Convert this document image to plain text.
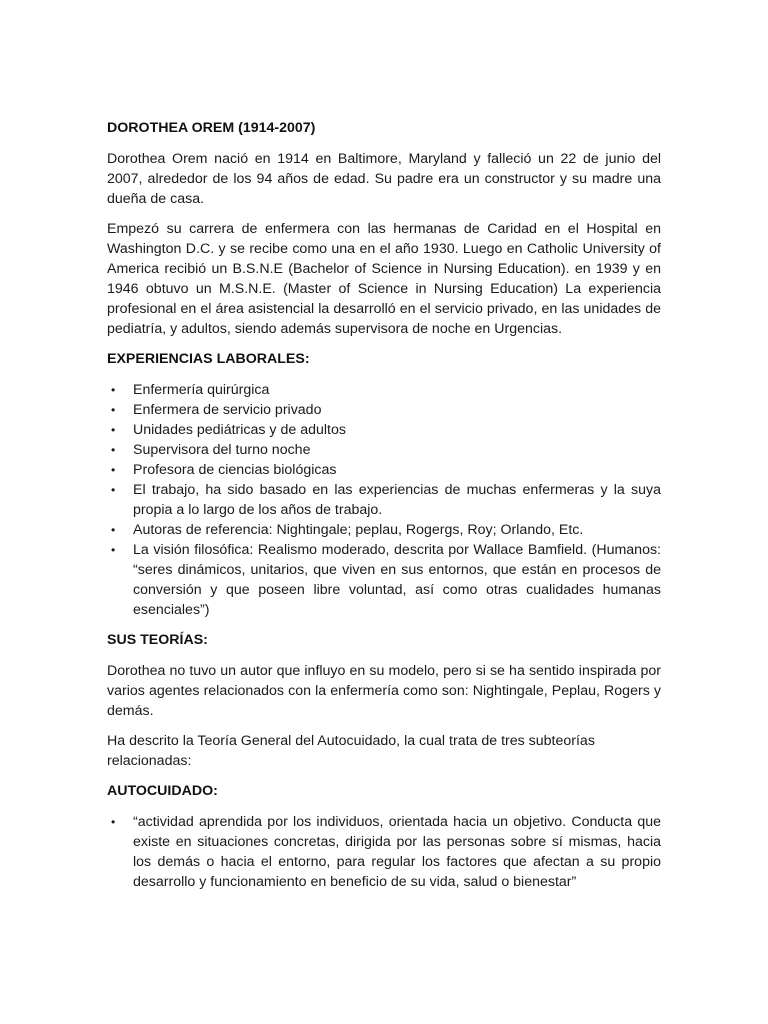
DOROTHEA OREM (1914-2007)

Dorothea Orem nació en 1914 en Baltimore, Maryland y falleció un 22 de junio del 2007, alrededor de los 94 años de edad. Su padre era un constructor y su madre una dueña de casa.

Empezó su carrera de enfermera con las hermanas de Caridad en el Hospital en Washington D.C. y se recibe como una en el año 1930. Luego en Catholic University of America recibió un B.S.N.E (Bachelor of Science in Nursing Education). en 1939 y en 1946 obtuvo un M.S.N.E. (Master of Science in Nursing Education) La experiencia profesional en el área asistencial la desarrolló en el servicio privado, en las unidades de pediatría, y adultos, siendo además supervisora de noche en Urgencias.

EXPERIENCIAS LABORALES:
• Enfermería quirúrgica
• Enfermera de servicio privado
• Unidades pediátricas y de adultos
• Supervisora del turno noche
• Profesora de ciencias biológicas
• El trabajo, ha sido basado en las experiencias de muchas enfermeras y la suya propia a lo largo de los años de trabajo.
• Autoras de referencia: Nightingale; peplau, Rogergs, Roy; Orlando, Etc.
• La visión filosófica: Realismo moderado, descrita por Wallace Bamfield. (Humanos: “seres dinámicos, unitarios, que viven en sus entornos, que están en procesos de conversión y que poseen libre voluntad, así como otras cualidades humanas esenciales”)
SUS TEORÍAS:

Dorothea no tuvo un autor que influyo en su modelo, pero si se ha sentido inspirada por varios agentes relacionados con la enfermería como son: Nightingale, Peplau, Rogers y demás.

Ha descrito la Teoría General del Autocuidado, la cual trata de tres subteorías relacionadas:

AUTOCUIDADO:
• “actividad aprendida por los individuos, orientada hacia un objetivo. Conducta que existe en situaciones concretas, dirigida por las personas sobre sí mismas, hacia los demás o hacia el entorno, para regular los factores que afectan a su propio desarrollo y funcionamiento en beneficio de su vida, salud o bienestar”
